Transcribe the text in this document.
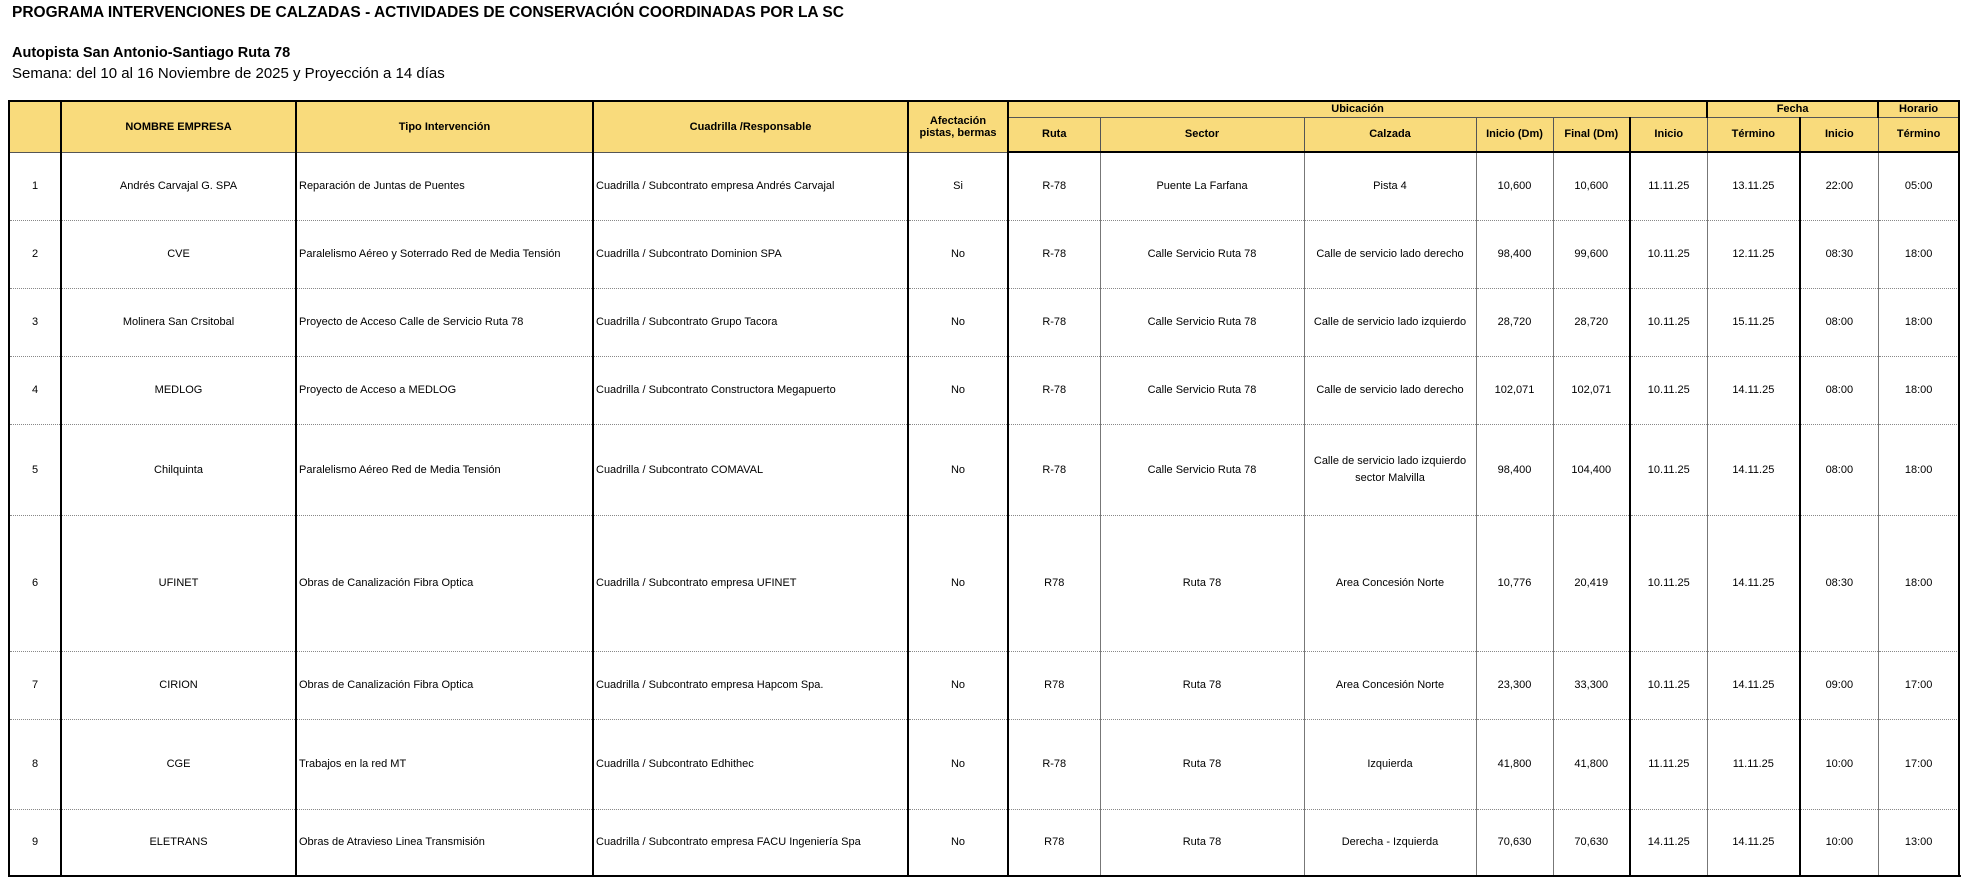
PROGRAMA INTERVENCIONES DE CALZADAS - ACTIVIDADES DE CONSERVACIÓN COORDINADAS POR LA SC
Autopista San Antonio-Santiago Ruta 78
Semana: del 10 al 16 Noviembre de 2025 y Proyección a 14 días
	NOMBRE EMPRESA	Tipo Intervención	Cuadrilla /Responsable	Afectación pistas, bermas	Ubicación						Fecha		Horario
					Ruta	Sector	Calzada	Inicio (Dm)	Final (Dm)	Inicio	Término	Inicio	Término
1	Andrés Carvajal G. SPA	Reparación de Juntas de Puentes	Cuadrilla / Subcontrato empresa Andrés Carvajal	Si	R-78	Puente La Farfana	Pista 4	10,600	10,600	11.11.25	13.11.25	22:00	05:00
2	CVE	Paralelismo Aéreo y Soterrado Red de Media Tensión	Cuadrilla / Subcontrato Dominion SPA	No	R-78	Calle Servicio Ruta 78	Calle de servicio lado derecho	98,400	99,600	10.11.25	12.11.25	08:30	18:00
3	Molinera San Crsitobal	Proyecto de Acceso Calle de Servicio Ruta 78	Cuadrilla / Subcontrato Grupo Tacora	No	R-78	Calle Servicio Ruta 78	Calle de servicio lado izquierdo	28,720	28,720	10.11.25	15.11.25	08:00	18:00
4	MEDLOG	Proyecto de Acceso a MEDLOG	Cuadrilla / Subcontrato Constructora Megapuerto	No	R-78	Calle Servicio Ruta 78	Calle de servicio lado derecho	102,071	102,071	10.11.25	14.11.25	08:00	18:00
5	Chilquinta	Paralelismo Aéreo Red de Media Tensión	Cuadrilla / Subcontrato COMAVAL	No	R-78	Calle Servicio Ruta 78	Calle de servicio lado izquierdo sector Malvilla	98,400	104,400	10.11.25	14.11.25	08:00	18:00
6	UFINET	Obras de Canalización Fibra Optica	Cuadrilla / Subcontrato empresa UFINET	No	R78	Ruta 78	Area Concesión Norte	10,776	20,419	10.11.25	14.11.25	08:30	18:00
7	CIRION	Obras de Canalización Fibra Optica	Cuadrilla / Subcontrato empresa Hapcom Spa.	No	R78	Ruta 78	Area Concesión Norte	23,300	33,300	10.11.25	14.11.25	09:00	17:00
8	CGE	Trabajos en la red MT	Cuadrilla / Subcontrato Edhithec	No	R-78	Ruta 78	Izquierda	41,800	41,800	11.11.25	11.11.25	10:00	17:00
9	ELETRANS	Obras de Atravieso Linea Transmisión	Cuadrilla / Subcontrato empresa FACU Ingeniería Spa	No	R78	Ruta 78	Derecha - Izquierda	70,630	70,630	14.11.25	14.11.25	10:00	13:00
